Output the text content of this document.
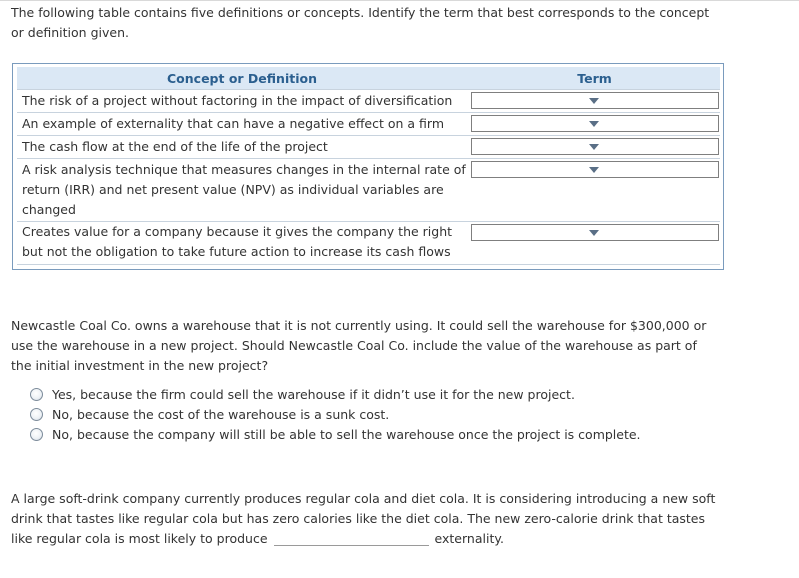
The following table contains five definitions or concepts. Identify the term that best corresponds to the concept or definition given.
Concept or Definition	Term
The risk of a project without factoring in the impact of diversification
An example of externality that can have a negative effect on a firm
The cash flow at the end of the life of the project
A risk analysis technique that measures changes in the internal rate of return (IRR) and net present value (NPV) as individual variables are changed
Creates value for a company because it gives the company the right but not the obligation to take future action to increase its cash flows
Newcastle Coal Co. owns a warehouse that it is not currently using. It could sell the warehouse for $300,000 or use the warehouse in a new project. Should Newcastle Coal Co. include the value of the warehouse as part of the initial investment in the new project?
Yes, because the firm could sell the warehouse if it didn’t use it for the new project.
No, because the cost of the warehouse is a sunk cost.
No, because the company will still be able to sell the warehouse once the project is complete.
A large soft-drink company currently produces regular cola and diet cola. It is considering introducing a new soft drink that tastes like regular cola but has zero calories like the diet cola. The new zero-calorie drink that tastes like regular cola is most likely to produce	externality.
